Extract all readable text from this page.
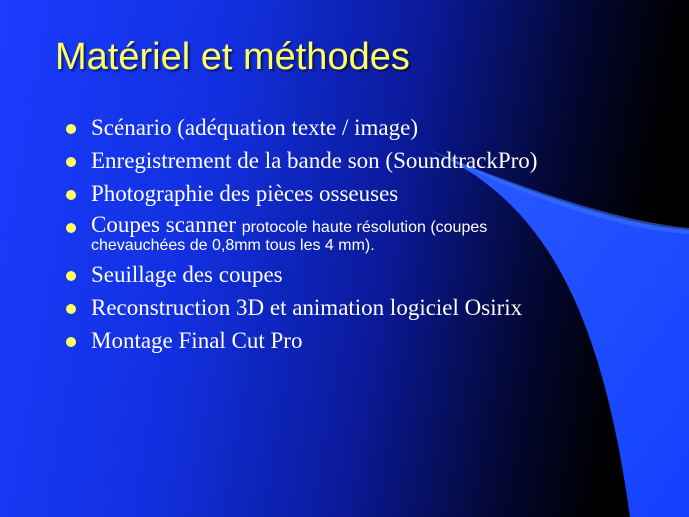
Matériel et méthodes
Scénario (adéquation texte / image)
Enregistrement de la bande son (SoundtrackPro)
Photographie des pièces osseuses
Coupes scanner protocole haute résolution (coupes
chevauchées de 0,8mm tous les 4 mm).
Seuillage des coupes
Reconstruction 3D et animation logiciel Osirix
Montage Final Cut Pro
